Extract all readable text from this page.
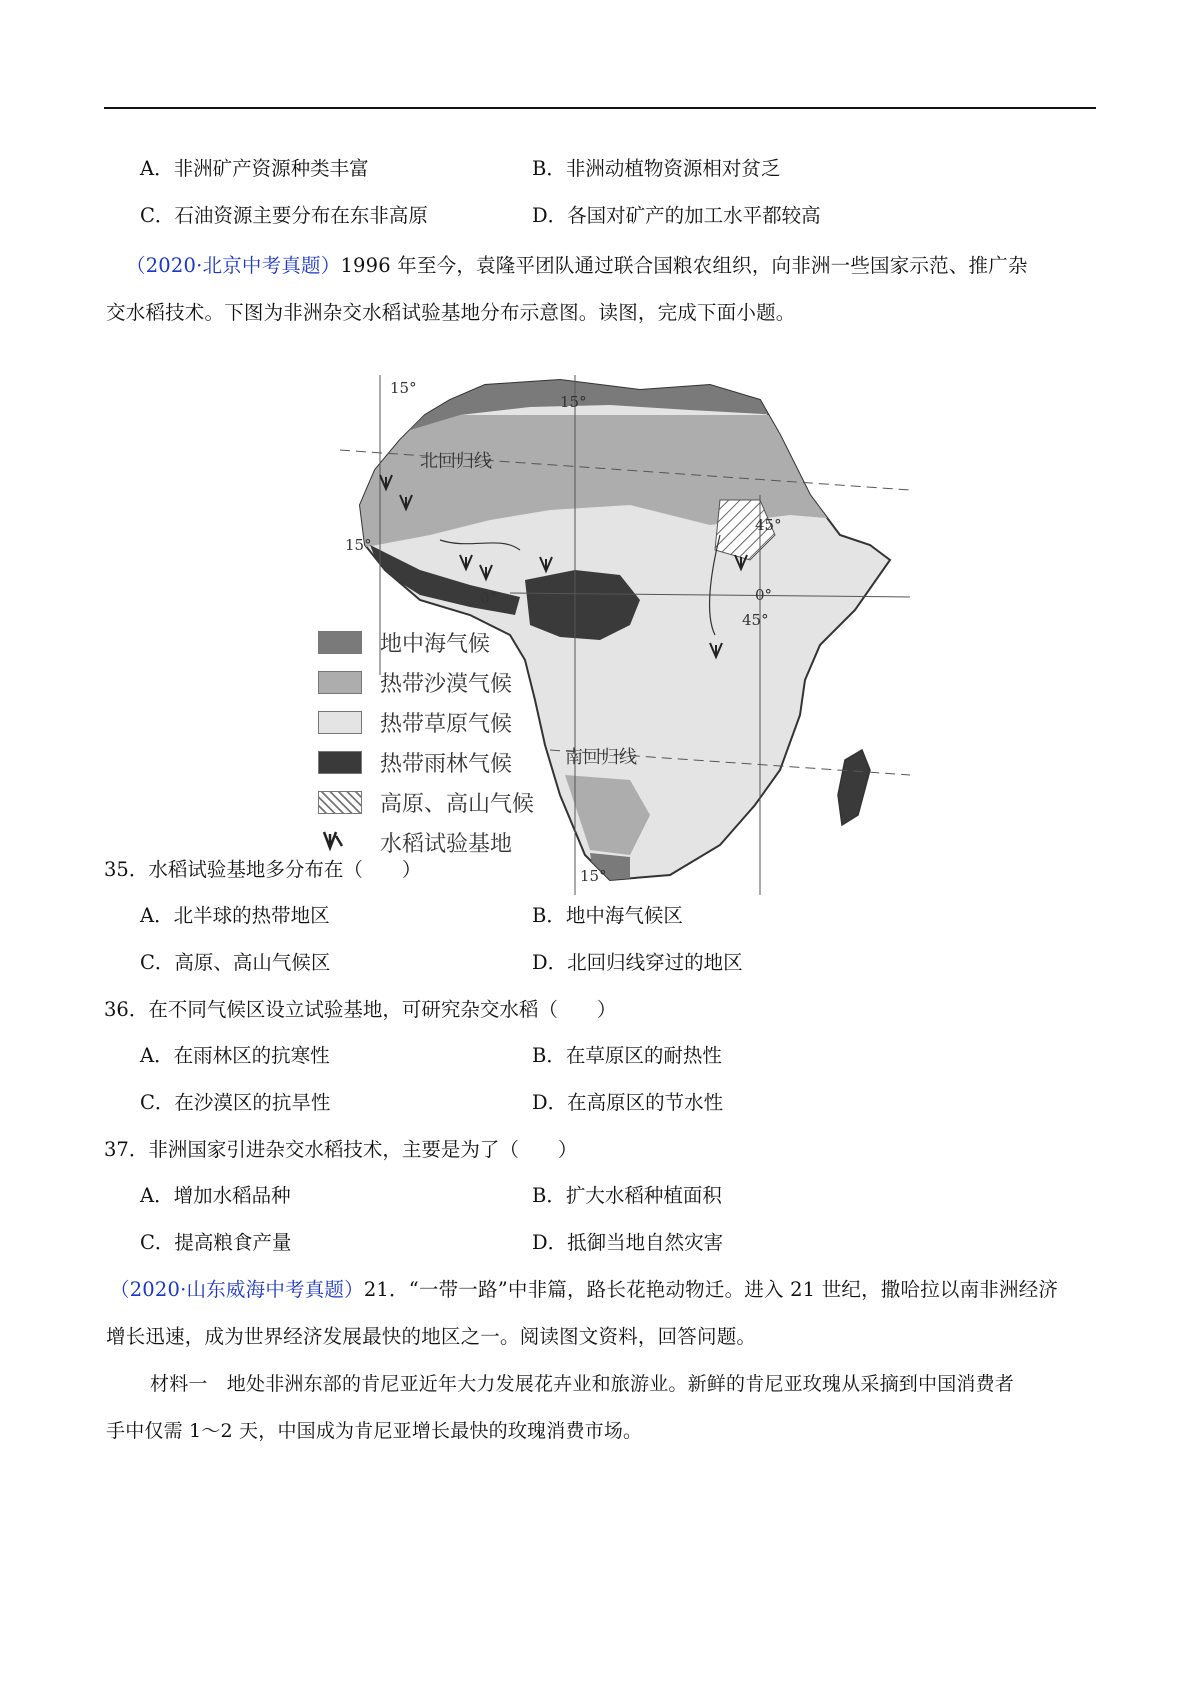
A．非洲矿产资源种类丰富	B．非洲动植物资源相对贫乏
C．石油资源主要分布在东非高原	D．各国对矿产的加工水平都较高
（2020·北京中考真题）1996 年至今，袁隆平团队通过联合国粮农组织，向非洲一些国家示范、推广杂
交水稻技术。下图为非洲杂交水稻试验基地分布示意图。读图，完成下面小题。
15°
15°
15°
北回归线
0°
45°
0°
45°
南回归线
15°
地中海气候
热带沙漠气候
热带草原气候
热带雨林气候
高原、高山气候
水稻试验基地
35．水稻试验基地多分布在（　　）
A．北半球的热带地区	B．地中海气候区
C．高原、高山气候区	D．北回归线穿过的地区
36．在不同气候区设立试验基地，可研究杂交水稻（　　）
A．在雨林区的抗寒性	B．在草原区的耐热性
C．在沙漠区的抗旱性	D．在高原区的节水性
37．非洲国家引进杂交水稻技术，主要是为了（　　）
A．增加水稻品种	B．扩大水稻种植面积
C．提高粮食产量	D．抵御当地自然灾害
（2020·山东威海中考真题）21．“一带一路”中非篇，路长花艳动物迁。进入 21 世纪，撒哈拉以南非洲经济
增长迅速，成为世界经济发展最快的地区之一。阅读图文资料，回答问题。
材料一　地处非洲东部的肯尼亚近年大力发展花卉业和旅游业。新鲜的肯尼亚玫瑰从采摘到中国消费者
手中仅需 1～2 天，中国成为肯尼亚增长最快的玫瑰消费市场。
